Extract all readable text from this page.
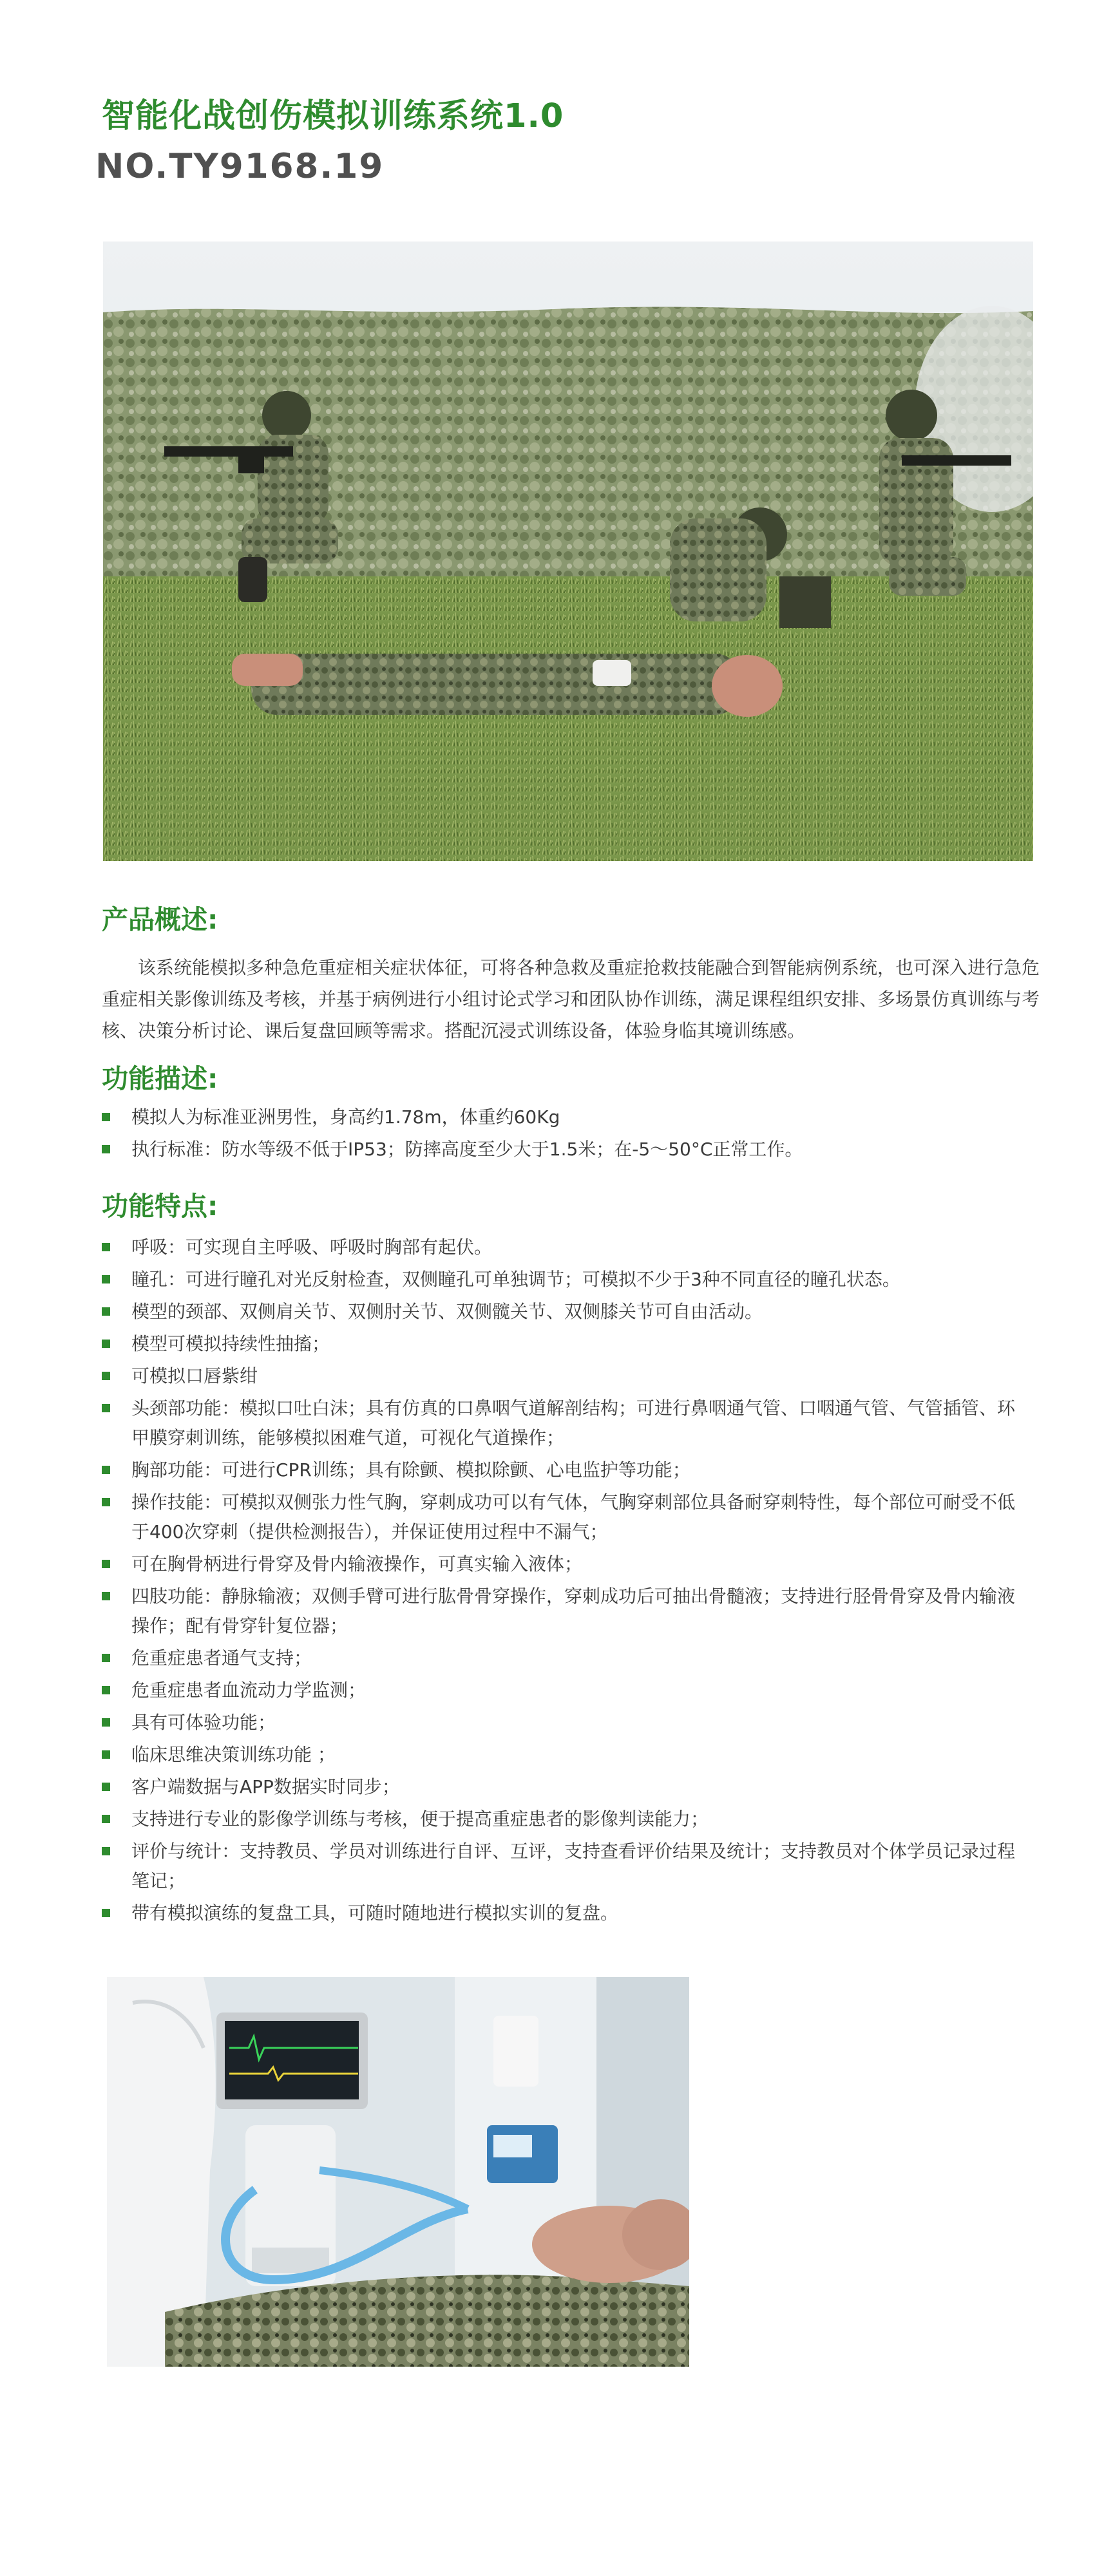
智能化战创伤模拟训练系统1.0
NO.TY9168.19
产品概述:

该系统能模拟多种急危重症相关症状体征，可将各种急救及重症抢救技能融合到智能病例系统，也可深入进行急危重症相关影像训练及考核，并基于病例进行小组讨论式学习和团队协作训练，满足课程组织安排、多场景仿真训练与考核、决策分析讨论、课后复盘回顾等需求。搭配沉浸式训练设备，体验身临其境训练感。

功能描述:
模拟人为标准亚洲男性，身高约1.78m，体重约60Kg
执行标准：防水等级不低于IP53；防摔高度至少大于1.5米；在-5～50°C正常工作。
功能特点:
呼吸：可实现自主呼吸、呼吸时胸部有起伏。
瞳孔：可进行瞳孔对光反射检查，双侧瞳孔可单独调节；可模拟不少于3种不同直径的瞳孔状态。
模型的颈部、双侧肩关节、双侧肘关节、双侧髋关节、双侧膝关节可自由活动。
模型可模拟持续性抽搐；
可模拟口唇紫绀
头颈部功能：模拟口吐白沫；具有仿真的口鼻咽气道解剖结构；可进行鼻咽通气管、口咽通气管、气管插管、环甲膜穿刺训练，能够模拟困难气道，可视化气道操作；
胸部功能：可进行CPR训练；具有除颤、模拟除颤、心电监护等功能；
操作技能：可模拟双侧张力性气胸，穿刺成功可以有气体，气胸穿刺部位具备耐穿刺特性，每个部位可耐受不低于400次穿刺（提供检测报告），并保证使用过程中不漏气；
可在胸骨柄进行骨穿及骨内输液操作，可真实输入液体；
四肢功能：静脉输液；双侧手臂可进行肱骨骨穿操作，穿刺成功后可抽出骨髓液；支持进行胫骨骨穿及骨内输液操作；配有骨穿针复位器；
危重症患者通气支持；
危重症患者血流动力学监测；
具有可体验功能；
临床思维决策训练功能 ；
客户端数据与APP数据实时同步；
支持进行专业的影像学训练与考核，便于提高重症患者的影像判读能力；
评价与统计：支持教员、学员对训练进行自评、互评，支持查看评价结果及统计；支持教员对个体学员记录过程笔记；
带有模拟演练的复盘工具，可随时随地进行模拟实训的复盘。
